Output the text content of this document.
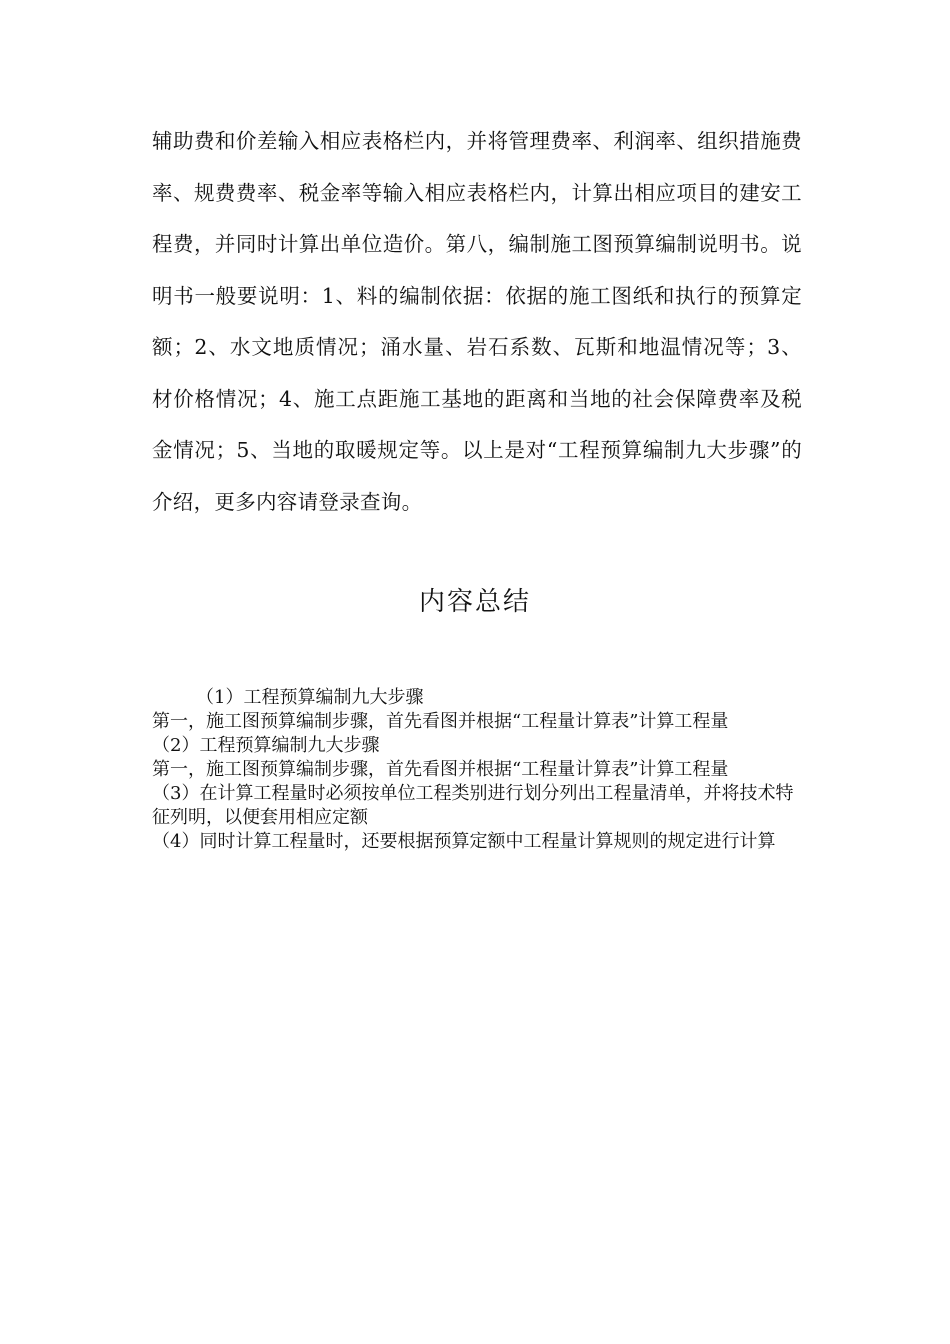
辅助费和价差输入相应表格栏内，并将管理费率、利润率、组织措施费率、规费费率、税金率等输入相应表格栏内，计算出相应项目的建安工程费，并同时计算出单位造价。第八，编制施工图预算编制说明书。说明书一般要说明：1、料的编制依据：依据的施工图纸和执行的预算定额；2、水文地质情况；涌水量、岩石系数、瓦斯和地温情况等；3、材价格情况；4、施工点距施工基地的距离和当地的社会保障费率及税金情况；5、当地的取暖规定等。以上是对“工程预算编制九大步骤”的介绍，更多内容请登录查询。

内容总结

（1）工程预算编制九大步骤

第一，施工图预算编制步骤，首先看图并根据“工程量计算表”计算工程量

（2）工程预算编制九大步骤

第一，施工图预算编制步骤，首先看图并根据“工程量计算表”计算工程量

（3）在计算工程量时必须按单位工程类别进行划分列出工程量清单，并将技术特征列明，以便套用相应定额

（4）同时计算工程量时，还要根据预算定额中工程量计算规则的规定进行计算
